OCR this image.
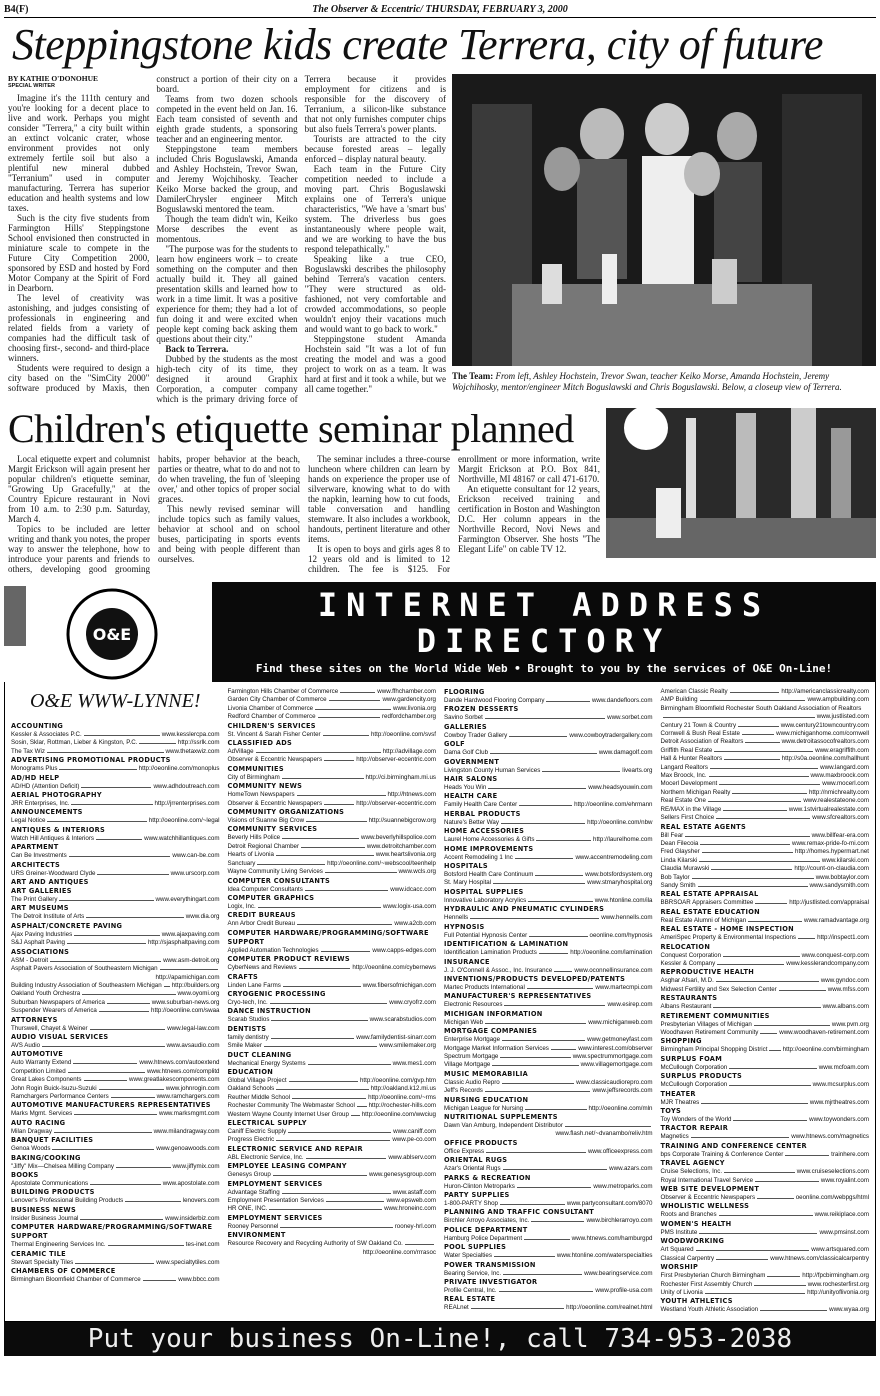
B4(F)	The Observer & Eccentric/ THURSDAY, FEBRUARY 3, 2000
Steppingstone kids create Terrera, city of future

BY KATHIE O'DONOHUE

SPECIAL WRITER

Imagine it's the 111th century and you're looking for a decent place to live and work. Perhaps you might consider "Terrera," a city built within an extinct volcanic crater, whose environment provides not only extremely fertile soil but also a plentiful new mineral dubbed "Terranium" used in computer manufacturing. Terrera has superior education and health systems and low taxes.

Such is the city five students from Farmington Hills' Steppingstone School envisioned then constructed in miniature scale to compete in the Future City Competition 2000, sponsored by ESD and hosted by Ford Motor Company at the Spirit of Ford in Dearborn.

The level of creativity was astonishing, and judges consisting of professionals in engineering and related fields from a variety of companies had the difficult task of choosing first-, second- and third-place winners.

Students were required to design a city based on the "SimCity 2000" software produced by Maxis, then construct a portion of their city on a board.

Teams from two dozen schools competed in the event held on Jan. 16. Each team consisted of seventh and eighth grade students, a sponsoring teacher and an engineering mentor.

Steppingstone team members included Chris Boguslawski, Amanda and Ashley Hochstein, Trevor Swan, and Jeremy Wojchihosky. Teacher Keiko Morse backed the group, and DamilerChrysler engineer Mitch Boguslawski mentored the team.

Though the team didn't win, Keiko Morse describes the event as momentous.

"The purpose was for the students to learn how engineers work – to create something on the computer and then actually build it. They all gained presentation skills and learned how to work in a time limit. It was a positive experience for them; they had a lot of fun doing it and were excited when people kept coming back asking them questions about their city."

Back to Terrera.

Dubbed by the students as the most high-tech city of its time, they designed it around Graphix Corporation, a computer company which is the primary driving force of Terrera because it provides employment for citizens and is responsible for the discovery of Terranium, a silicon-like substance that not only furnishes computer chips but also fuels Terrera's power plants.

Tourists are attracted to the city because forested areas – legally enforced – display natural beauty.

Each team in the Future City competition needed to include a moving part. Chris Boguslawski explains one of Terrera's unique characteristics, "We have a 'smart bus' system. The driverless bus goes instantaneously where people wait, and we are working to have the bus respond telepathically."

Speaking like a true CEO, Boguslawski describes the philosophy behind Terrera's vacation centers. "They were structured as old-fashioned, not very comfortable and crowded accommodations, so people wouldn't enjoy their vacations much and would want to go back to work."

Steppingstone student Amanda Hochstein said "It was a lot of fun creating the model and was a good project to work on as a team. It was hard at first and it took a while, but we all came together."

The Team: From left, Ashley Hochstein, Trevor Swan, teacher Keiko Morse, Amanda Hochstein, Jeremy Wojchihosky, mentor/engineer Mitch Boguslawski and Chris Boguslawski. Below, a closeup view of Terrera.
Children's etiquette seminar planned

Local etiquette expert and columnist Margit Erickson will again present her popular children's etiquette seminar, "Growing Up Gracefully," at the Country Epicure restaurant in Novi from 10 a.m. to 2:30 p.m. Saturday, March 4.

Topics to be included are letter writing and thank you notes, the proper way to answer the telephone, how to introduce your parents and friends to others, developing good grooming habits, proper behavior at the beach, parties or theatre, what to do and not to do when traveling, the fun of 'sleeping over,' and other topics of proper social graces.

This newly revised seminar will include topics such as family values, behavior at school and on school buses, participating in sports events and being with people different than ourselves.

The seminar includes a three-course luncheon where children can learn by hands on experience the proper use of silverware, knowing what to do with the napkin, learning how to cut foods, table conversation and handling stemware. It also includes a workbook, handouts, pertinent literature and other items.

It is open to boys and girls ages 8 to 12 years old and is limited to 12 children. The fee is $125. For enrollment or more information, write Margit Erickson at P.O. Box 841, Northville, MI 48167 or call 471-6170.

An etiquette consultant for 12 years, Erickson received training and certification in Boston and Washington D.C. Her column appears in the Northville Record, Novi News and Farmington Observer. She hosts "The Elegant Life" on cable TV 12.

O&E
INTERNET ADDRESS
DIRECTORY
Find these sites on the World Wide Web • Brought to you by the services of O&E On-Line!
O&E WWW-LYNNE!
ACCOUNTING
Kessler & Associates P.C.	www.kesslercpa.com
Sosin, Sklar, Rottman, Lieber & Kingston, P.C.	http://ssrlk.com
The Tax Wiz	www.thetaxwiz.com
ADVERTISING PROMOTIONAL PRODUCTS
Monograms Plus	http://oeonline.com/monoplus
AD/HD HELP
AD/HD (Attention Deficit)	www.adhdoutreach.com
AERIAL PHOTOGRAPHY
JRR Enterprises, Inc.	http://jrrenterprises.com
ANNOUNCEMENTS
Legal Notice	http://oeonline.com/~legal
ANTIQUES & INTERIORS
Watch Hill Antiques & Interiors	www.watchhillantiques.com
APARTMENT
Can Be Investments	www.can-be.com
ARCHITECTS
URS Greiner-Woodward Clyde	www.urscorp.com
ART AND ANTIQUES
ART GALLERIES
The Print Gallery	www.everythingart.com
ART MUSEUMS
The Detroit Institute of Arts	www.dia.org
ASPHALT/CONCRETE PAVING
Ajax Paving Industries	www.ajaxpaving.com
S&J Asphalt Paving	http://sjasphaltpaving.com
ASSOCIATIONS
ASM - Detroit	www.asm-detroit.org
Asphalt Pavers Association of Southeastern Michigan
http://apamichigan.com
Building Industry Association of Southeastern Michigan http://builders.org
Oakland Youth Orchestra	www.oyomi.org
Suburban Newspapers of America	www.suburban-news.org
Suspender Wearers of America	http://oeonline.com/swaa
ATTORNEYS
Thurswell, Chayet & Weiner	www.legal-law.com
AUDIO VISUAL SERVICES
AVS Audio	www.avsaudio.com
AUTOMOTIVE
Auto Warranty Extend	www.htnews.com/autoextend
Competition Limited	www.htnews.com/complitd
Great Lakes Components	www.greatlakescomponents.com
John Rogin Buick-Isuzu-Suzuki	www.johnrogin.com
Ramchargers Performance Centers	www.ramchargers.com
AUTOMOTIVE MANUFACTURERS REPRESENTATIVES
Marks Mgmt. Services	www.marksmgmt.com
AUTO RACING
Milan Dragway	www.milandragway.com
BANQUET FACILITIES
Genoa Woods	www.genoawoods.com
BAKING/COOKING
"Jiffy" Mix—Chelsea Milling Company	www.jiffymix.com
BOOKS
Apostolate Communications	www.apostolate.com
BUILDING PRODUCTS
Lenover's Professional Building Products	lenovers.com
BUSINESS NEWS
Insider Business Journal	www.insiderbiz.com
COMPUTER HARDWARE/PROGRAMMING/SOFTWARE SUPPORT
Thermal Engineering Services Inc.	tes-inet.com
CERAMIC TILE
Stewart Specialty Tiles	www.specialtytiles.com
CHAMBERS OF COMMERCE
Birmingham Bloomfield Chamber of Commerce	www.bbcc.com
Farmington Hills Chamber of Commerce	www.ffhchamber.com
Garden City Chamber of Commerce	www.gardencity.org
Livonia Chamber of Commerce	www.livonia.org
Redford Chamber of Commerce	redfordchamber.org
CHILDREN'S SERVICES
St. Vincent & Sarah Fisher Center	http://oeonline.com/svsf
CLASSIFIED ADS
AdVillage	http://advillage.com
Observer & Eccentric Newspapers	http://observer-eccentric.com
COMMUNITIES
City of Birmingham	http://ci.birmingham.mi.us
COMMUNITY NEWS
HomeTown Newspapers	http://htnews.com
Observer & Eccentric Newspapers	http://observer-eccentric.com
COMMUNITY ORGANIZATIONS
Visions of Suanne Big Crow	http://suannebigcrow.org
COMMUNITY SERVICES
Beverly Hills Police	www.beverlyhillspolice.com
Detroit Regional Chamber	www.detroitchamber.com
Hearts of Livonia	www.heartslivonia.org
Sanctuary	http://oeonline.com/~webscool/teenhelp
Wayne Community Living Services	www.wcls.org
COMPUTER CONSULTANTS
Idea Computer Consultants	www.idcacc.com
COMPUTER GRAPHICS
Logix, Inc.	www.logix-usa.com
CREDIT BUREAUS
Ann Arbor Credit Bureau	www.a2cb.com
COMPUTER HARDWARE/PROGRAMMING/SOFTWARE SUPPORT
Applied Automation Technologies	www.capps-edges.com
COMPUTER PRODUCT REVIEWS
CyberNews and Reviews	http://oeonline.com/cybernews
CRAFTS
Linden Lane Farms	www.fibersofmichigan.com
CRYOGENIC PROCESSING
Cryo-tech, Inc.	www.cryofrz.com
DANCE INSTRUCTION
Scarab Studios	www.scarabstudios.com
DENTISTS
family dentistry	www.familydentist-sinarr.com
Smile Maker	www.smilemaker.org
DUCT CLEANING
Mechanical Energy Systems	www.mes1.com
EDUCATION
Global Village Project	http://oeonline.com/gvp.htm
Oakland Schools	http://oakland.k12.mi.us
Reuther Middle School	http://oeonline.com/~rms
Rochester Community The Webmaster School http://rochester-hills.com
Western Wayne County Internet User Group http://oeonline.com/wwciug
ELECTRICAL SUPPLY
Caniff Electric Supply	www.caniff.com
Progress Electric	www.pe-co.com
ELECTRONIC SERVICE AND REPAIR
ABL Electronic Service, Inc.	www.ablserv.com
EMPLOYEE LEASING COMPANY
Genesys Group	www.genesysgroup.com
EMPLOYMENT SERVICES
Advantage Staffing	www.astaff.com
Employment Presentation Services	www.epsweb.com
HR ONE, INC.	www.hroneinc.com
EMPLOYMENT SERVICES
Rooney Personnel	rooney-hrl.com
ENVIRONMENT
Resource Recovery and Recycling Authority of SW Oakland Co.
http://oeonline.com/rrrasoc
FLOORING
Dande Hardwood Flooring Company	www.dandefloors.com
FROZEN DESSERTS
Savino Sorbet	www.sorbet.com
GALLERIES
Cowboy Trader Gallery	www.cowboytradergallery.com
GOLF
Dama Golf Club	www.damagolf.com
GOVERNMENT
Livingston County Human Services	livearts.org
HAIR SALONS
Heads You Win	www.headsyouwin.com
HEALTH CARE
Family Health Care Center	http://oeonline.com/ehrmann
HERBAL PRODUCTS
Nature's Better Way	http://oeonline.com/nbw
HOME ACCESSORIES
Laurel Home Accessories & Gifts	http://laurelhome.com
HOME IMPROVEMENTS
Accent Remodeling 1 Inc	www.accentremodeling.com
HOSPITALS
Botsford Health Care Continuum	www.botsfordsystem.org
St. Mary Hospital	www.stmaryhospital.org
HOSPITAL SUPPLIES
Innovative Laboratory Acrylics	www.htonline.com/ila
HYDRAULIC AND PNEUMATIC CYLINDERS
Hennells	www.hennells.com
HYPNOSIS
Full Potential Hypnosis Center	oeonline.com/hypnosis
IDENTIFICATION & LAMINATION
Identification Lamination Products	http://oeonline.com/lamination
INSURANCE
J. J. O'Connell & Assoc., Inc. Insurance	www.oconnellinsurance.com
INVENTIONS/PRODUCTS DEVELOPED/PATENTS
Martec Products International	www.martecmpi.com
MANUFACTURER'S REPRESENTATIVES
Electronic Resources	www.esirep.com
MICHIGAN INFORMATION
Michigan Web	www.michiganweb.com
MORTGAGE COMPANIES
Enterprise Mortgage	www.getmoneyfast.com
Mortgage Market Information Services	www.interest.com/observer
Spectrum Mortgage	www.spectrummortgage.com
Village Mortgage	www.villagemortgage.com
MUSIC MEMORABILIA
Classic Audio Repro	www.classicaudiorepro.com
Jeff's Records	www.jeffsrecords.com
NURSING EDUCATION
Michigan League for Nursing	http://oeonline.com/mln
NUTRITIONAL SUPPLEMENTS
Dawn Van Amburg, Independent Distributor
www.flash.net/~dvanambo/reliv.htm
OFFICE PRODUCTS
Office Express	www.officeexpress.com
ORIENTAL RUGS
Azar's Oriental Rugs	www.azars.com
PARKS & RECREATION
Huron-Clinton Metroparks	www.metroparks.com
PARTY SUPPLIES
1-800-PARTY Shop	www.partyconsultant.com/8070
PLANNING AND TRAFFIC CONSULTANT
Birchler Arroyo Associates, Inc.	www.birchlerarroyo.com
POLICE DEPARTMENT
Hamburg Police Department	www.htnews.com/hamburgpd
POOL SUPPLIES
Water Specialties	www.htonline.com/waterspecialties
POWER TRANSMISSION
Bearing Service, Inc.	www.bearingservice.com
PRIVATE INVESTIGATOR
Profile Central, Inc.	www.profile-usa.com
REAL ESTATE
REALnet	http://oeonline.com/realnet.html
American Classic Realty	http://americanclassicrealty.com
AMP Building	www.ampbuilding.com
Birmingham Bloomfield Rochester South Oakland Association of Realtors
www.justlisted.com
Century 21 Town & Country	www.century21towncountry.com
Cornwell & Bush Real Estate	www.michiganhome.com/cornwell
Detroit Association of Realtors	www.detroitassocofrealtors.com
Griffith Real Estate	www.eragriffith.com
Hall & Hunter Realtors	http://s0a.oeonline.com/hallhunt
Langard Realtors	www.langard.com
Max Broock, Inc.	www.maxbroock.com
Mocerl Development	www.mocerl.com
Northern Michigan Realty	http://nmichrealty.com
Real Estate One	www.realestateone.com
RE/MAX in the Village	www.1stvirtualrealestate.com
Sellers First Choice	www.sfcrealtors.com
REAL ESTATE AGENTS
Bill Fear	www.billfear-era.com
Dean Filecoia	www.remax-pride-fo-mi.com
Fred Glaysher	http://homes.hypermart.net
Linda Kilarski	www.kilarski.com
Claudia Murawski	http://count-on-claudia.com
Bob Taylor	www.bobtaylor.com
Sandy Smith	www.sandysmith.com
REAL ESTATE APPRAISAL
BBRSOAR Appraisers Committee	http://justlisted.com/appraisal
REAL ESTATE EDUCATION
Real Estate Alumni of Michigan	www.ramadvantage.org
REAL ESTATE - HOME INSPECTION
AmeriSpec Property & Environmental Inspections	http://inspect1.com
RELOCATION
Conquest Corporation	www.conquest-corp.com
Kessler & Company	www.kesslerandcompany.com
REPRODUCTIVE HEALTH
Asghar Afsari, M.D.	www.gyndoc.com
Midwest Fertility and Sex Selection Center	www.mfss.com
RESTAURANTS
Albans Restaurant	www.albans.com
RETIREMENT COMMUNITIES
Presbyterian Villages of Michigan	www.pvm.org
Woodhaven Retirement Community	www.woodhaven-retirement.com
SHOPPING
Birmingham Principal Shopping District http://oeonline.com/birmingham
SURPLUS FOAM
McCullough Corporation	www.mcfoam.com
SURPLUS PRODUCTS
McCullough Corporation	www.mcsurplus.com
THEATER
MJR Theatres	www.mjrtheatres.com
TOYS
Toy Wonders of the World	www.toywonders.com
TRACTOR REPAIR
Magnetics	www.htnews.com/magnetics
TRAINING AND CONFERENCE CENTER
bps Corporate Training & Conference Center	trainhere.com
TRAVEL AGENCY
Cruise Selections, Inc.	www.cruiseselections.com
Royal International Travel Service	www.royalint.com
WEB SITE DEVELOPMENT
Observer & Eccentric Newspapers	oeonline.com/webpgs/html
WHOLISTIC WELLNESS
Roots and Branches	www.reikiplace.com
WOMEN'S HEALTH
PMS Institute	www.pmsinst.com
WOODWORKING
Art Squared	www.artsquared.com
Classical Carpentry	www.htnews.com/classicalcarpentry
WORSHIP
First Presbyterian Church Birmingham	http://fpcbirmingham.org
Rochester First Assembly Church	www.rochesterfirst.org
Unity of Livonia	http://unityoflivonia.org
YOUTH ATHLETICS
Westland Youth Athletic Association	www.wyaa.org
Put your business On-Line!, call 734-953-2038
